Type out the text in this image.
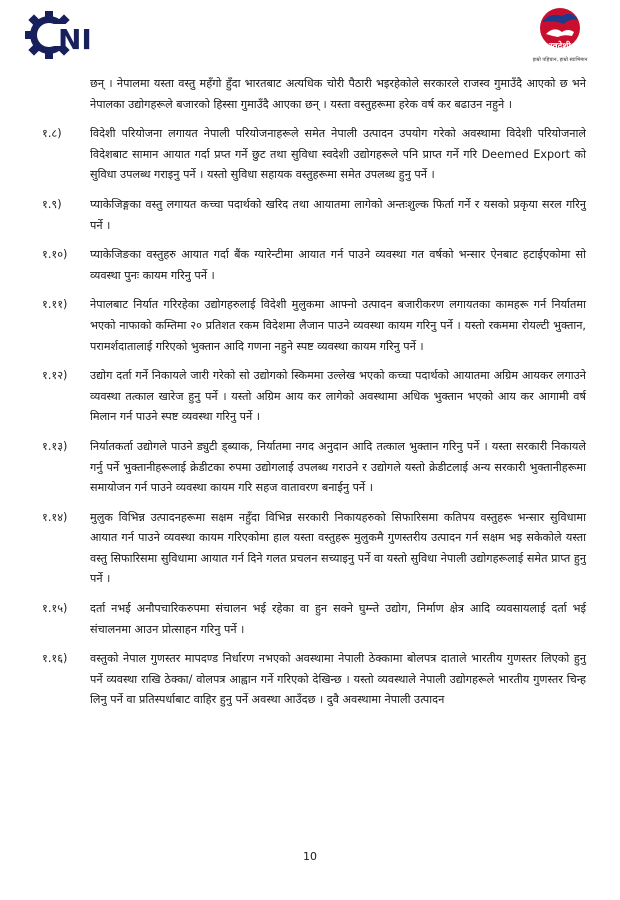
NI	स्वदेशी
हाम्रो पहिचान, हाम्रो स्वाभिमान
छन् । नेपालमा यस्ता वस्तु महँगो हुँदा भारतबाट अत्यधिक चोरी पैठारी भइरहेकोले सरकारले राजस्व गुमाउँदै आएको छ भने नेपालका उद्योगहरूले बजारको हिस्सा गुमाउँदै आएका छन् । यस्ता वस्तुहरूमा हरेक वर्ष कर बढाउन नहुने ।
१.८)	विदेशी परियोजना लगायत नेपाली परियोजनाहरूले समेत नेपाली उत्पादन उपयोग गरेको अवस्थामा विदेशी परियोजनाले विदेशबाट सामान आयात गर्दा प्रप्त गर्ने छुट तथा सुविधा स्वदेशी उद्योगहरूले पनि प्राप्त गर्ने गरि Deemed Export को सुविधा उपलब्ध गराइनु पर्ने । यस्तो सुविधा सहायक वस्तुहरूमा समेत उपलब्ध हुनु पर्ने ।
१.९)	प्याकेजिङ्गका वस्तु लगायत कच्चा पदार्थको खरिद तथा आयातमा लागेको अन्तःशुल्क फिर्ता गर्ने र यसको प्रकृया सरल गरिनु पर्ने ।
१.१०)	प्याकेजिङका वस्तुहरु आयात गर्दा बैंक ग्यारेन्टीमा आयात गर्न पाउने व्यवस्था गत वर्षको भन्सार ऐनबाट हटाईएकोमा सो व्यवस्था पुनः कायम गरिनु पर्ने ।
१.११)	नेपालबाट निर्यात गरिरहेका उद्योगहरुलाई विदेशी मुलुकमा आफ्नो उत्पादन बजारीकरण लगायतका कामहरू गर्न निर्यातमा भएको नाफाको कम्तिमा २० प्रतिशत रकम विदेशमा लैजान पाउने व्यवस्था कायम गरिनु पर्ने । यस्तो रकममा रोयल्टी भुक्तान, परामर्शदातालाई गरिएको भुक्तान आदि गणना नहुने स्पष्ट व्यवस्था कायम गरिनु पर्ने ।
१.१२)	उद्योग दर्ता गर्ने निकायले जारी गरेको सो उद्योगको स्किममा उल्लेख भएको कच्चा पदार्थको आयातमा अग्रिम आयकर लगाउने व्यवस्था तत्काल खारेज हुनु पर्ने । यस्तो अग्रिम आय कर लागेको अवस्थामा अधिक भुक्तान भएको आय कर आगामी वर्ष मिलान गर्न पाउने स्पष्ट व्यवस्था गरिनु पर्ने ।
१.१३)	निर्यातकर्ता उद्योगले पाउने ड्युटी ड्ब्याक, निर्यातमा नगद अनुदान आदि तत्काल भुक्तान गरिनु पर्ने । यस्ता सरकारी निकायले गर्नु पर्ने भुक्तानीहरूलाई क्रेडीटका रुपमा उद्योगलाई उपलब्ध गराउने र उद्योगले यस्तो क्रेडीटलाई अन्य सरकारी भुक्तानीहरूमा समायोजन गर्न पाउने व्यवस्था कायम गरि सहज वातावरण बनाईनु पर्ने ।
१.१४)	मुलुक विभिन्न उत्पादनहरूमा सक्षम नहुँदा विभिन्न सरकारी निकायहरुको सिफारिसमा कतिपय वस्तुहरू भन्सार सुविधामा आयात गर्न पाउने व्यवस्था कायम गरिएकोमा हाल यस्ता वस्तुहरू मुलुकमै गुणस्तरीय उत्पादन गर्न सक्षम भइ सकेकोले यस्ता वस्तु सिफारिसमा सुविधामा आयात गर्न दिने गलत प्रचलन सच्याइनु पर्ने वा यस्तो सुविधा नेपाली उद्योगहरूलाई समेत प्राप्त हुनु पर्ने ।
१.१५)	दर्ता नभई अनौपचारिकरुपमा संचालन भई रहेका वा हुन सक्ने घुम्न्ते उद्योग, निर्माण क्षेत्र आदि व्यवसायलाई दर्ता भई संचालनमा आउन प्रोत्साहन गरिनु पर्ने ।
१.१६)	वस्तुको नेपाल गुणस्तर मापदण्ड निर्धारण नभएको अवस्थामा नेपाली ठेक्कामा बोलपत्र दाताले भारतीय गुणस्तर लिएको हुनु पर्ने व्यवस्था राखि ठेक्का/ वोलपत्र आह्वान गर्ने गरिएको देखिन्छ । यस्तो व्यवस्थाले नेपाली उद्योगहरूले भारतीय गुणस्तर चिन्ह लिनु पर्ने वा प्रतिस्पर्धाबाट वाहिर हुनु पर्ने अवस्था आउँदछ । दुवै अवस्थामा नेपाली उत्पादन
10
